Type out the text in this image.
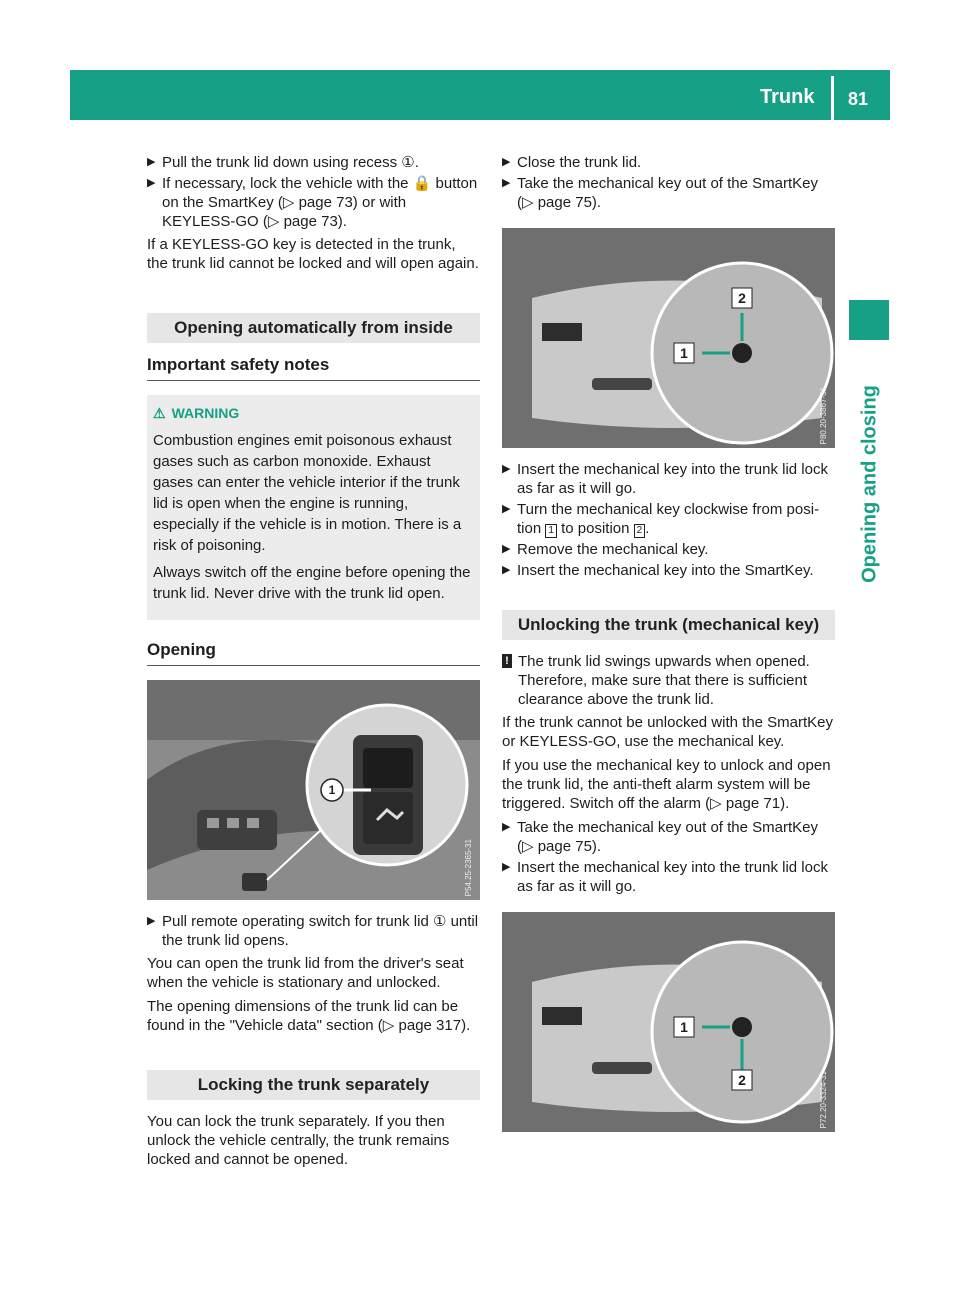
Trunk 81
Opening and closing
▶ Pull the trunk lid down using recess ①.
▶ If necessary, lock the vehicle with the 🔒 button on the SmartKey (▷ page 73) or with KEYLESS-GO (▷ page 73).

If a KEYLESS-GO key is detected in the trunk, the trunk lid cannot be locked and will open again.

Opening automatically from inside
Important safety notes
⚠ WARNING

Combustion engines emit poisonous exhaust gases such as carbon monoxide. Exhaust gases can enter the vehicle interior if the trunk lid is open when the engine is running, especially if the vehicle is in motion. There is a risk of poisoning.

Always switch off the engine before opening the trunk lid. Never drive with the trunk lid open.

Opening
1
P54.25-2365-31
▶ Pull remote operating switch for trunk lid ① until the trunk lid opens.

You can open the trunk lid from the driver's seat when the vehicle is stationary and unlocked.

The opening dimensions of the trunk lid can be found in the "Vehicle data" section (▷ page 317).

Locking the trunk separately

You can lock the trunk separately. If you then unlock the vehicle centrally, the trunk remains locked and cannot be opened.

▶ Close the trunk lid.
▶ Take the mechanical key out of the SmartKey (▷ page 75).
1
2
P80.20-3867-31
▶ Insert the mechanical key into the trunk lid lock as far as it will go.
▶ Turn the mechanical key clockwise from position 1 to position 2 .
▶ Remove the mechanical key.
▶ Insert the mechanical key into the SmartKey.
Unlocking the trunk (mechanical key)
! The trunk lid swings upwards when opened. Therefore, make sure that there is sufficient clearance above the trunk lid.

If the trunk cannot be unlocked with the SmartKey or KEYLESS-GO, use the mechanical key.

If you use the mechanical key to unlock and open the trunk lid, the anti-theft alarm system will be triggered. Switch off the alarm (▷ page 71).

▶ Take the mechanical key out of the SmartKey (▷ page 75).
▶ Insert the mechanical key into the trunk lid lock as far as it will go.
1
2	P72.20-3324-31
